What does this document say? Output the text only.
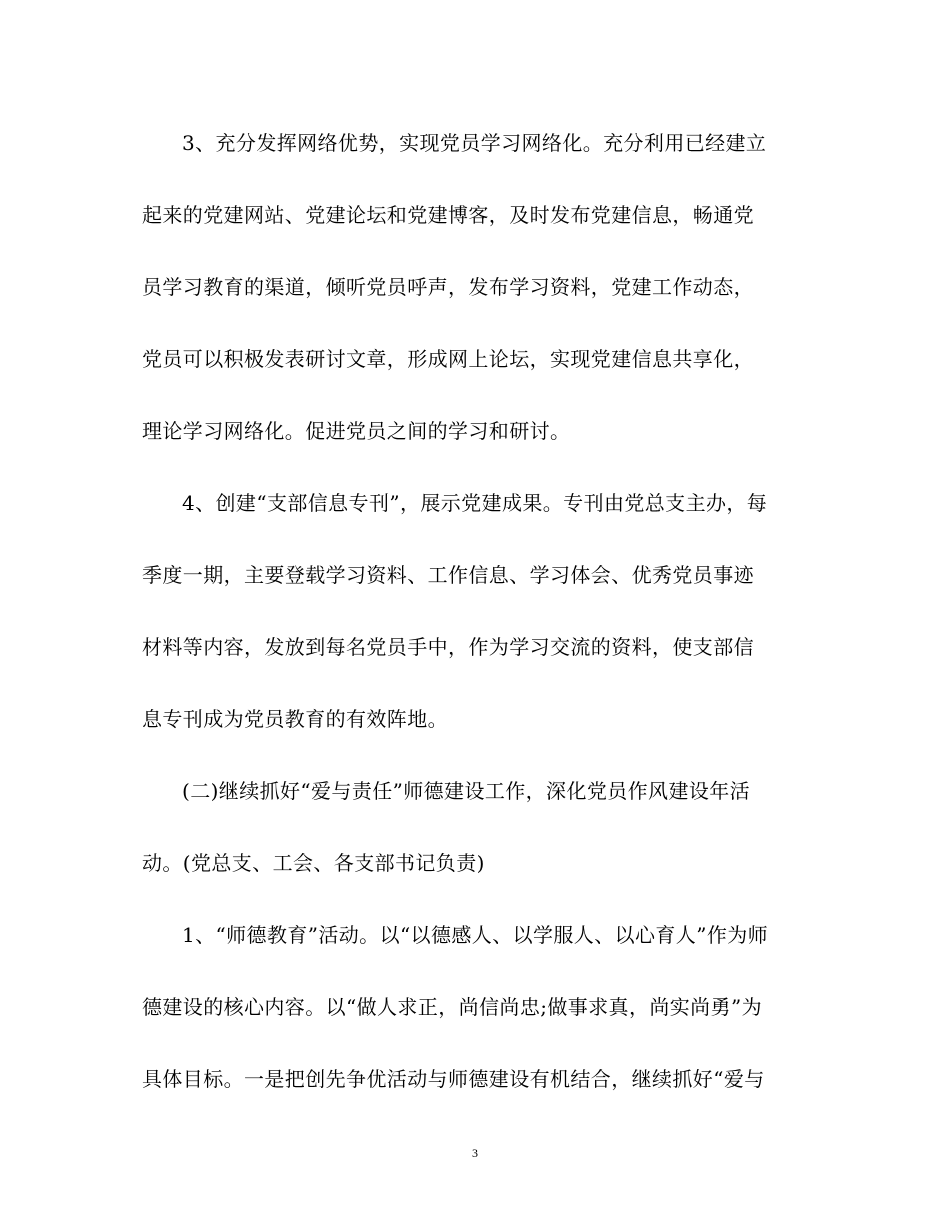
3、充分发挥网络优势，实现党员学习网络化。充分利用已经建立

起来的党建网站、党建论坛和党建博客，及时发布党建信息，畅通党

员学习教育的渠道，倾听党员呼声，发布学习资料，党建工作动态，

党员可以积极发表研讨文章，形成网上论坛，实现党建信息共享化，

理论学习网络化。促进党员之间的学习和研讨。

4、创建“支部信息专刊”，展示党建成果。专刊由党总支主办，每

季度一期，主要登载学习资料、工作信息、学习体会、优秀党员事迹

材料等内容，发放到每名党员手中，作为学习交流的资料，使支部信

息专刊成为党员教育的有效阵地。

(二)继续抓好“爱与责任”师德建设工作，深化党员作风建设年活

动。(党总支、工会、各支部书记负责)

1、“师德教育”活动。以“以德感人、以学服人、以心育人”作为师

德建设的核心内容。以“做人求正，尚信尚忠;做事求真，尚实尚勇”为

具体目标。一是把创先争优活动与师德建设有机结合，继续抓好“爱与

3
